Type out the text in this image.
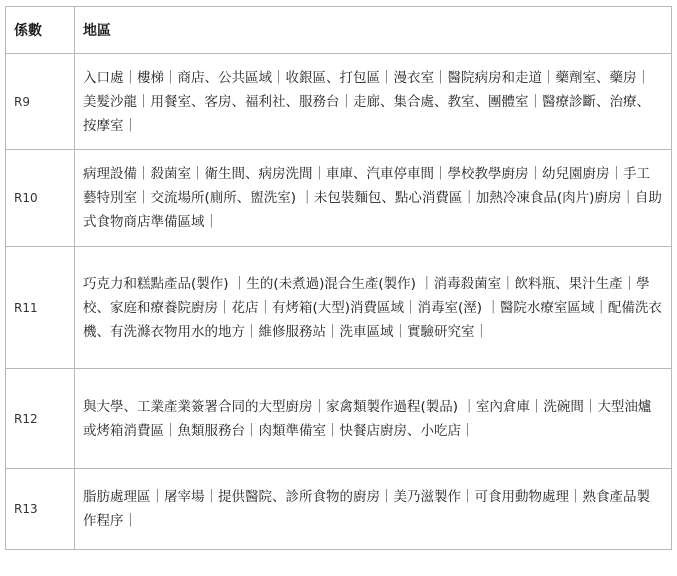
係數	地區
R9	入口處｜樓梯｜商店、公共區域｜收銀區、打包區｜漫衣室｜醫院病房和走道｜藥劑室、藥房｜美髮沙龍｜用餐室、客房、福利社、服務台｜走廊、集合處、教室、團體室｜醫療診斷、治療、按摩室｜
R10	病理設備｜殺菌室｜衛生間、病房洗間｜車庫、汽車停車間｜學校教學廚房｜幼兒園廚房｜手工藝特別室｜交流場所(廁所、盥洗室) ｜未包裝麵包、點心消費區｜加熱冷凍食品(肉片)廚房｜自助式食物商店準備區域｜
R11	巧克力和糕點產品(製作) ｜生的(未煮過)混合生產(製作) ｜消毒殺菌室｜飲料瓶、果汁生產｜學校、家庭和療養院廚房｜花店｜有烤箱(大型)消費區域｜消毒室(溼) ｜醫院水療室區域｜配備洗衣機、有洗滌衣物用水的地方｜維修服務站｜洗車區域｜實驗研究室｜
R12	與大學、工業產業簽署合同的大型廚房｜家禽類製作過程(製品) ｜室內倉庫｜洗碗間｜大型油爐或烤箱消費區｜魚類服務台｜肉類準備室｜快餐店廚房、小吃店｜
R13	脂肪處理區｜屠宰場｜提供醫院、診所食物的廚房｜美乃滋製作｜可食用動物處理｜熟食產品製作程序｜
